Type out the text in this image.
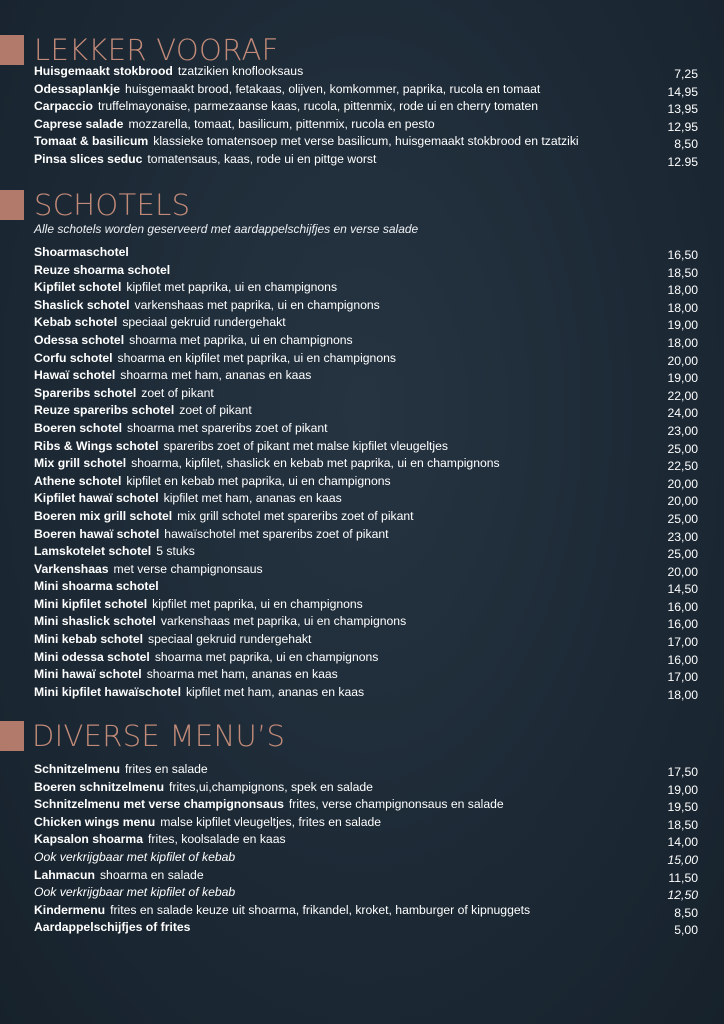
LEKKER VOORAF
Huisgemaakt stokbrood tzatzikien knoflooksaus	7,25
Odessaplankje huisgemaakt brood, fetakaas, olijven, komkommer, paprika, rucola en tomaat	14,95
Carpaccio truffelmayonaise, parmezaanse kaas, rucola, pittenmix, rode ui en cherry tomaten	13,95
Caprese salade mozzarella, tomaat, basilicum, pittenmix, rucola en pesto	12,95
Tomaat & basilicum klassieke tomatensoep met verse basilicum, huisgemaakt stokbrood en tzatziki	8,50
Pinsa slices seduc tomatensaus, kaas, rode ui en pittge worst	12.95
SCHOTELS
Alle schotels worden geserveerd met aardappelschijfjes en verse salade
Shoarmaschotel	16,50
Reuze shoarma schotel	18,50
Kipfilet schotel kipfilet met paprika, ui en champignons	18,00
Shaslick schotel varkenshaas met paprika, ui en champignons	18,00
Kebab schotel speciaal gekruid rundergehakt	19,00
Odessa schotel shoarma met paprika, ui en champignons	18,00
Corfu schotel shoarma en kipfilet met paprika, ui en champignons	20,00
Hawaï schotel shoarma met ham, ananas en kaas	19,00
Spareribs schotel zoet of pikant	22,00
Reuze spareribs schotel zoet of pikant	24,00
Boeren schotel shoarma met spareribs zoet of pikant	23,00
Ribs & Wings schotel spareribs zoet of pikant met malse kipfilet vleugeltjes	25,00
Mix grill schotel shoarma, kipfilet, shaslick en kebab met paprika, ui en champignons	22,50
Athene schotel kipfilet en kebab met paprika, ui en champignons	20,00
Kipfilet hawaï schotel kipfilet met ham, ananas en kaas	20,00
Boeren mix grill schotel mix grill schotel met spareribs zoet of pikant	25,00
Boeren hawaï schotel hawaïschotel met spareribs zoet of pikant	23,00
Lamskotelet schotel 5 stuks	25,00
Varkenshaas met verse champignonsaus	20,00
Mini shoarma schotel	14,50
Mini kipfilet schotel kipfilet met paprika, ui en champignons	16,00
Mini shaslick schotel varkenshaas met paprika, ui en champignons	16,00
Mini kebab schotel speciaal gekruid rundergehakt	17,00
Mini odessa schotel shoarma met paprika, ui en champignons	16,00
Mini hawaï schotel shoarma met ham, ananas en kaas	17,00
Mini kipfilet hawaïschotel kipfilet met ham, ananas en kaas	18,00
DIVERSE MENU’S
Schnitzelmenu frites en salade	17,50
Boeren schnitzelmenu frites,ui,champignons, spek en salade	19,00
Schnitzelmenu met verse champignonsaus frites, verse champignonsaus en salade	19,50
Chicken wings menu malse kipfilet vleugeltjes, frites en salade	18,50
Kapsalon shoarma frites, koolsalade en kaas	14,00
Ook verkrijgbaar met kipfilet of kebab	15,00
Lahmacun shoarma en salade	11,50
Ook verkrijgbaar met kipfilet of kebab	12,50
Kindermenu frites en salade keuze uit shoarma, frikandel, kroket, hamburger of kipnuggets	8,50
Aardappelschijfjes of frites	5,00
